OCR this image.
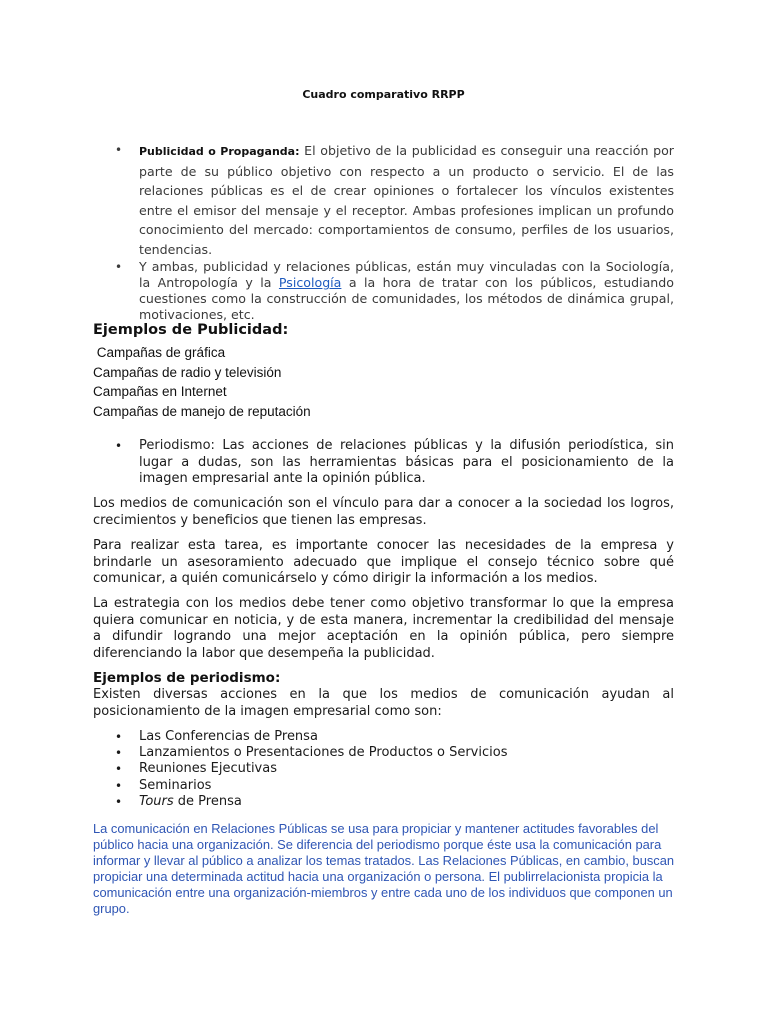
Cuadro comparativo RRPP
• Publicidad o Propaganda: El objetivo de la publicidad es conseguir una reacción por parte de su público objetivo con respecto a un producto o servicio. El de las relaciones públicas es el de crear opiniones o fortalecer los vínculos existentes entre el emisor del mensaje y el receptor. Ambas profesiones implican un profundo conocimiento del mercado: comportamientos de consumo, perfiles de los usuarios, tendencias.
• Y ambas, publicidad y relaciones públicas, están muy vinculadas con la Sociología, la Antropología y la Psicología a la hora de tratar con los públicos, estudiando cuestiones como la construcción de comunidades, los métodos de dinámica grupal, motivaciones, etc.
Ejemplos de Publicidad:
Campañas de gráfica
Campañas de radio y televisión
Campañas en Internet
Campañas de manejo de reputación
• Periodismo: Las acciones de relaciones públicas y la difusión periodística, sin lugar a dudas, son las herramientas básicas para el posicionamiento de la imagen empresarial ante la opinión pública.

Los medios de comunicación son el vínculo para dar a conocer a la sociedad los logros, crecimientos y beneficios que tienen las empresas.

Para realizar esta tarea, es importante conocer las necesidades de la empresa y brindarle un asesoramiento adecuado que implique el consejo técnico sobre qué comunicar, a quién comunicárselo y cómo dirigir la información a los medios.

La estrategia con los medios debe tener como objetivo transformar lo que la empresa quiera comunicar en noticia, y de esta manera, incrementar la credibilidad del mensaje a difundir logrando una mejor aceptación en la opinión pública, pero siempre diferenciando la labor que desempeña la publicidad.

Ejemplos de periodismo:

Existen diversas acciones en la que los medios de comunicación ayudan al posicionamiento de la imagen empresarial como son:

• Las Conferencias de Prensa
• Lanzamientos o Presentaciones de Productos o Servicios
• Reuniones Ejecutivas
• Seminarios
• Tours de Prensa

La comunicación en Relaciones Públicas se usa para propiciar y mantener actitudes favorables del público hacia una organización. Se diferencia del periodismo porque éste usa la comunicación para informar y llevar al público a analizar los temas tratados. Las Relaciones Públicas, en cambio, buscan propiciar una determinada actitud hacia una organización o persona. El publirrelacionista propicia la comunicación entre una organización-miembros y entre cada uno de los individuos que componen un grupo.
